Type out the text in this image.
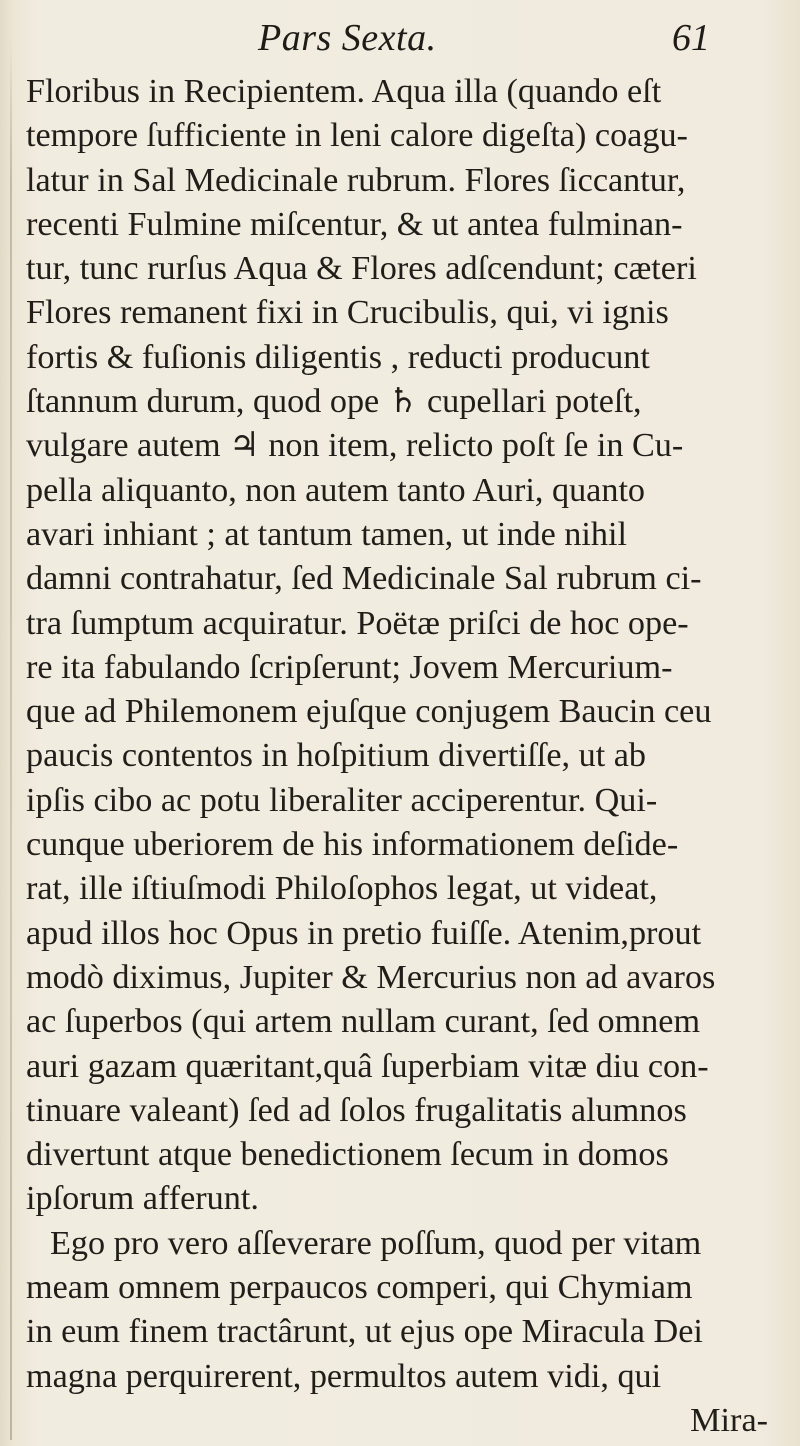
Pars Sexta.	61
Floribus in Recipientem. Aqua illa (quando eſt
tempore ſufficiente in leni calore digeſta) coagu-
latur in Sal Medicinale rubrum. Flores ſiccantur,
recenti Fulmine miſcentur, & ut antea fulminan-
tur, tunc rurſus Aqua & Flores adſcendunt; cæteri
Flores remanent fixi in Crucibulis, qui, vi ignis
fortis & fuſionis diligentis , reducti producunt
ſtannum durum, quod ope ♄ cupellari poteſt,
vulgare autem ♃ non item, relicto poſt ſe in Cu-
pella aliquanto, non autem tanto Auri, quanto
avari inhiant ; at tantum tamen, ut inde nihil
damni contrahatur, ſed Medicinale Sal rubrum ci-
tra ſumptum acquiratur. Poëtæ priſci de hoc ope-
re ita fabulando ſcripſerunt; Jovem Mercurium-
que ad Philemonem ejuſque conjugem Baucin ceu
paucis contentos in hoſpitium divertiſſe, ut ab
ipſis cibo ac potu liberaliter acciperentur. Qui-
cunque uberiorem de his informationem deſide-
rat, ille iſtiuſmodi Philoſophos legat, ut videat,
apud illos hoc Opus in pretio fuiſſe. Atenim,prout
modò diximus, Jupiter & Mercurius non ad avaros
ac ſuperbos (qui artem nullam curant, ſed omnem
auri gazam quæritant,quâ ſuperbiam vitæ diu con-
tinuare valeant) ſed ad ſolos frugalitatis alumnos
divertunt atque benedictionem ſecum in domos
ipſorum afferunt.
Ego pro vero aſſeverare poſſum, quod per vitam
meam omnem perpaucos comperi, qui Chymiam
in eum finem tractârunt, ut ejus ope Miracula Dei
magna perquirerent, permultos autem vidi, qui
Mira-
